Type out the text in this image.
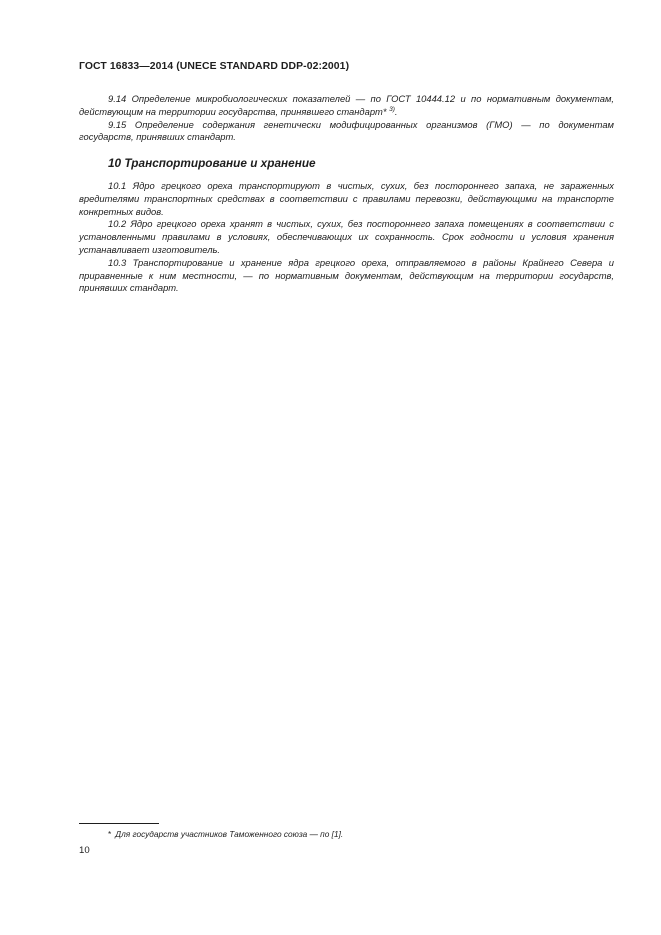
ГОСТ 16833—2014 (UNECE STANDARD DDP-02:2001)

9.14 Определение микробиологических показателей — по ГОСТ 10444.12 и по нормативным документам, действующим на территории государства, принявшего стандарт* $^{3)}$.

9.15 Определение содержания генетически модифицированных организмов (ГМО) — по документам государств, принявших стандарт.

10 Транспортирование и хранение

10.1 Ядро грецкого ореха транспортируют в чистых, сухих, без постороннего запаха, не зараженных вредителями транспортных средствах в соответствии с правилами перевозки, действующими на транспорте конкретных видов.

10.2 Ядро грецкого ореха хранят в чистых, сухих, без постороннего запаха помещениях в соответствии с установленными правилами в условиях, обеспечивающих их сохранность. Срок годности и условия хранения устанавливает изготовитель.

10.3 Транспортирование и хранение ядра грецкого ореха, отправляемого в районы Крайнего Севера и приравненные к ним местности, — по нормативным документам, действующим на территории государств, принявших стандарт.

* Для государств участников Таможенного союза — по [1].
10
